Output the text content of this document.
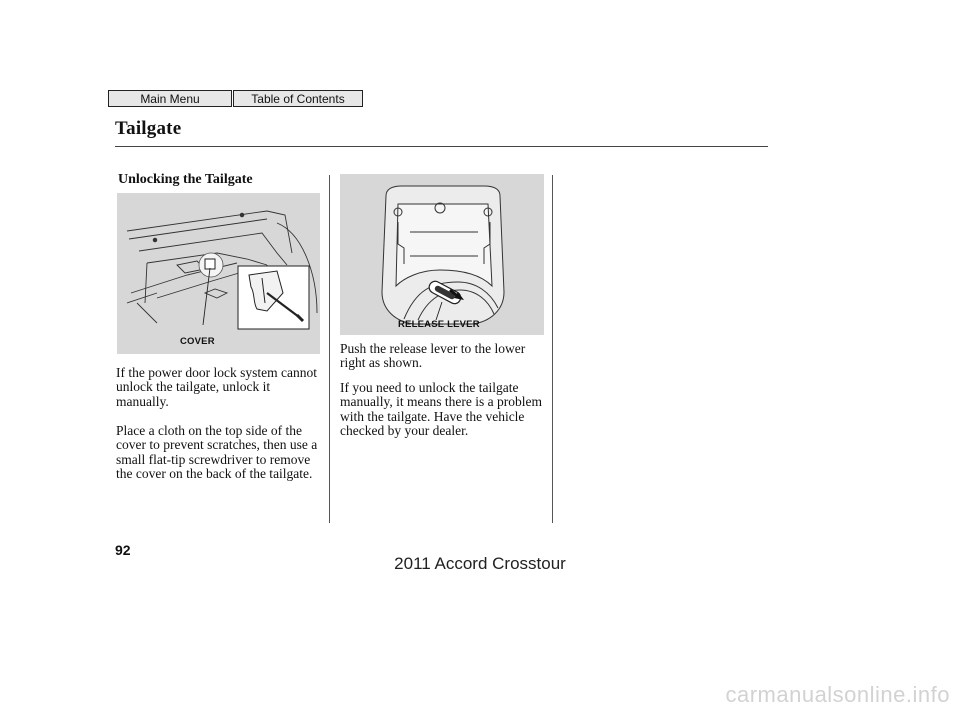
Main Menu	Table of Contents
Tailgate
Unlocking the Tailgate
COVER
RELEASE LEVER

If the power door lock system cannot unlock the tailgate, unlock it manually.

Place a cloth on the top side of the cover to prevent scratches, then use a small flat-tip screwdriver to remove the cover on the back of the tailgate.

Push the release lever to the lower right as shown.

If you need to unlock the tailgate manually, it means there is a problem with the tailgate. Have the vehicle checked by your dealer.

92
2011 Accord Crosstour
carmanualsonline.info
